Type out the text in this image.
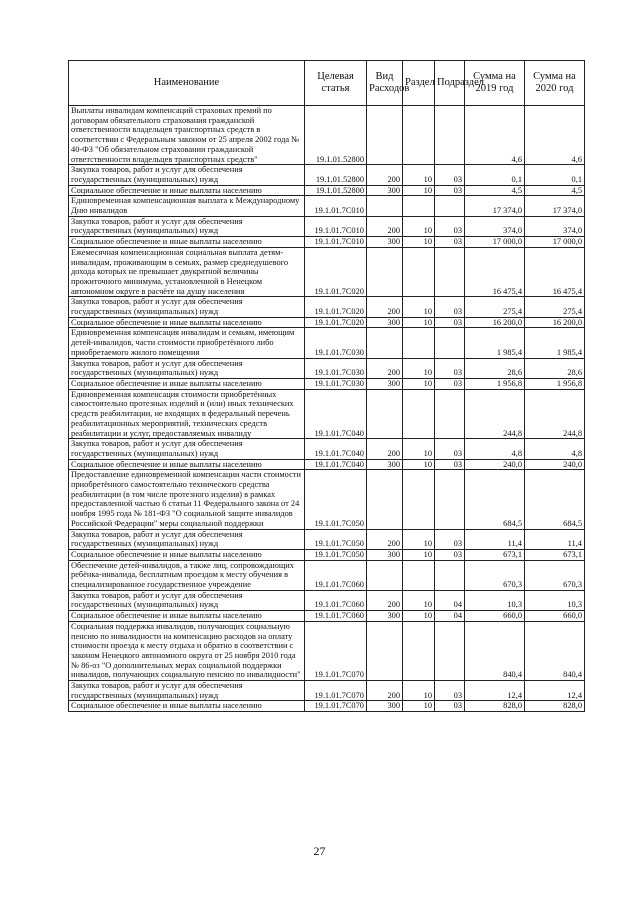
Наименование	Целевая статья	Вид Расходов	Раздел	Подраздел	Сумма на 2019 год	Сумма на 2020 год
Выплаты инвалидам компенсаций страховых премий по договорам обязательного страхования гражданской ответственности владельцев транспортных средств в соответствии с Федеральным законом от 25 апреля 2002 года № 40-ФЗ "Об обязательном страховании гражданской ответственности владельцев транспортных средств"	19.1.01.52800				4,6	4,6
Закупка товаров, работ и услуг для обеспечения государственных (муниципальных) нужд	19.1.01.52800	200	10	03	0,1	0,1
Социальное обеспечение и иные выплаты населению	19.1.01.52800	300	10	03	4,5	4,5
Единовременная компенсационная выплата к Международному Дню инвалидов	19.1.01.7С010				17 374,0	17 374,0
Закупка товаров, работ и услуг для обеспечения государственных (муниципальных) нужд	19.1.01.7С010	200	10	03	374,0	374,0
Социальное обеспечение и иные выплаты населению	19.1.01.7С010	300	10	03	17 000,0	17 000,0
Ежемесячная компенсационная социальная выплата детям-инвалидам, проживающим в семьях, размер среднедушевого дохода которых не превышает двукратной величины прожиточного минимума, установленной в Ненецком автономном округе в расчёте на душу населения	19.1.01.7С020				16 475,4	16 475,4
Закупка товаров, работ и услуг для обеспечения государственных (муниципальных) нужд	19.1.01.7С020	200	10	03	275,4	275,4
Социальное обеспечение и иные выплаты населению	19.1.01.7С020	300	10	03	16 200,0	16 200,0
Единовременная компенсация инвалидам и семьям, имеющим детей-инвалидов, части стоимости приобретённого либо приобретаемого жилого помещения	19.1.01.7С030				1 985,4	1 985,4
Закупка товаров, работ и услуг для обеспечения государственных (муниципальных) нужд	19.1.01.7С030	200	10	03	28,6	28,6
Социальное обеспечение и иные выплаты населению	19.1.01.7С030	300	10	03	1 956,8	1 956,8
Единовременная компенсация стоимости приобретённых самостоятельно протезных изделий и (или) иных технических средств реабилитации, не входящих в федеральный перечень реабилитационных мероприятий, технических средств реабилитации и услуг, предоставляемых инвалиду	19.1.01.7С040				244,8	244,8
Закупка товаров, работ и услуг для обеспечения государственных (муниципальных) нужд	19.1.01.7С040	200	10	03	4,8	4,8
Социальное обеспечение и иные выплаты населению	19.1.01.7С040	300	10	03	240,0	240,0
Предоставление единовременной компенсации части стоимости приобретённого самостоятельно технического средства реабилитации (в том числе протезного изделия) в рамках предоставленной частью 6 статьи 11 Федерального закона от 24 ноября 1995 года № 181-ФЗ "О социальной защите инвалидов Российской Федерации" меры социальной поддержки	19.1.01.7С050				684,5	684,5
Закупка товаров, работ и услуг для обеспечения государственных (муниципальных) нужд	19.1.01.7С050	200	10	03	11,4	11,4
Социальное обеспечение и иные выплаты населению	19.1.01.7С050	300	10	03	673,1	673,1
Обеспечение детей-инвалидов, а также лиц, сопровождающих ребёнка-инвалида, бесплатным проездом к месту обучения в специализированное государственное учреждение	19.1.01.7С060				670,3	670,3
Закупка товаров, работ и услуг для обеспечения государственных (муниципальных) нужд	19.1.01.7С060	200	10	04	10,3	10,3
Социальное обеспечение и иные выплаты населению	19.1.01.7С060	300	10	04	660,0	660,0
Социальная поддержка инвалидов, получающих социальную пенсию по инвалидности на компенсацию расходов на оплату стоимости проезда к месту отдыха и обратно в соответствии с законом Ненецкого автономного округа от 25 ноября 2010 года № 86-оз "О дополнительных мерах социальной поддержки инвалидов, получающих социальную пенсию по инвалидности"	19.1.01.7С070				840,4	840,4
Закупка товаров, работ и услуг для обеспечения государственных (муниципальных) нужд	19.1.01.7С070	200	10	03	12,4	12,4
Социальное обеспечение и иные выплаты населению	19.1.01.7С070	300	10	03	828,0	828,0
27
